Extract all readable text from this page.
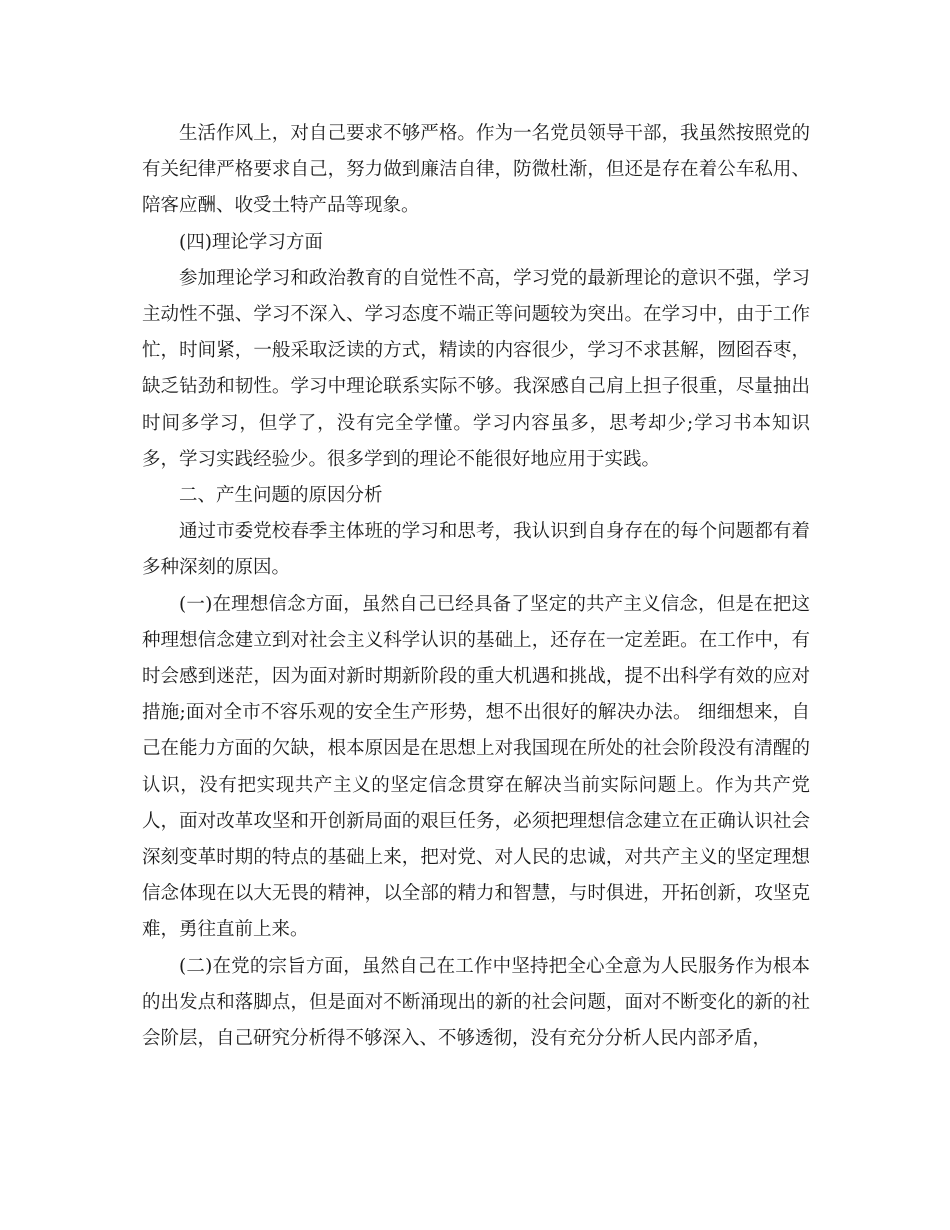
生活作风上，对自己要求不够严格。作为一名党员领导干部，我虽然按照党的有关纪律严格要求自己，努力做到廉洁自律，防微杜渐，但还是存在着公车私用、陪客应酬、收受土特产品等现象。

(四)理论学习方面

参加理论学习和政治教育的自觉性不高，学习党的最新理论的意识不强，学习主动性不强、学习不深入、学习态度不端正等问题较为突出。在学习中，由于工作忙，时间紧，一般采取泛读的方式，精读的内容很少，学习不求甚解，囫囵吞枣，缺乏钻劲和韧性。学习中理论联系实际不够。我深感自己肩上担子很重，尽量抽出时间多学习，但学了，没有完全学懂。学习内容虽多，思考却少;学习书本知识多，学习实践经验少。很多学到的理论不能很好地应用于实践。

二、产生问题的原因分析

通过市委党校春季主体班的学习和思考，我认识到自身存在的每个问题都有着多种深刻的原因。

(一)在理想信念方面，虽然自己已经具备了坚定的共产主义信念，但是在把这种理想信念建立到对社会主义科学认识的基础上，还存在一定差距。在工作中，有时会感到迷茫，因为面对新时期新阶段的重大机遇和挑战，提不出科学有效的应对措施;面对全市不容乐观的安全生产形势，想不出很好的解决办法。 细细想来，自己在能力方面的欠缺，根本原因是在思想上对我国现在所处的社会阶段没有清醒的认识，没有把实现共产主义的坚定信念贯穿在解决当前实际问题上。作为共产党人，面对改革攻坚和开创新局面的艰巨任务，必须把理想信念建立在正确认识社会深刻变革时期的特点的基础上来，把对党、对人民的忠诚，对共产主义的坚定理想信念体现在以大无畏的精神，以全部的精力和智慧，与时俱进，开拓创新，攻坚克难，勇往直前上来。

(二)在党的宗旨方面，虽然自己在工作中坚持把全心全意为人民服务作为根本的出发点和落脚点，但是面对不断涌现出的新的社会问题，面对不断变化的新的社会阶层，自己研究分析得不够深入、不够透彻，没有充分分析人民内部矛盾，
